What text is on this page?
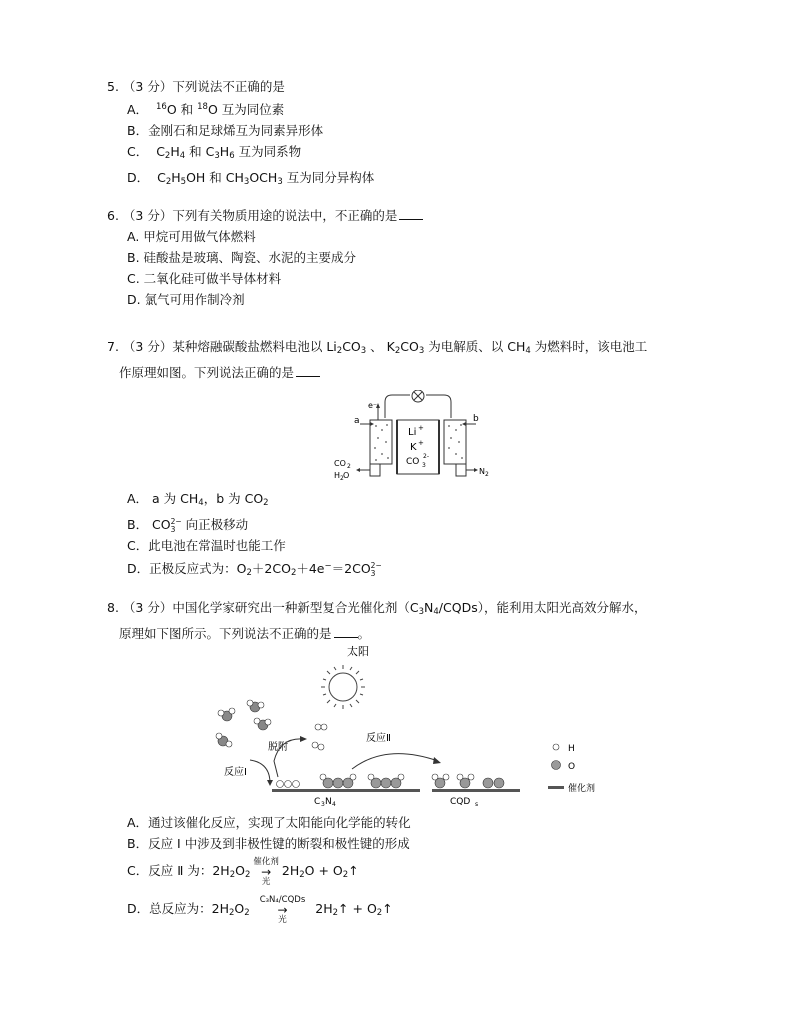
5. （3 分）下列说法不正确的是
A． $^{16}$O 和 $^{18}$O 互为同位素
B．金刚石和足球烯互为同素异形体
C． $C_2H_4$ 和 $C_3H_6$ 互为同系物
D． $C_2H_5OH$ 和 $CH_3OCH_3$ 互为同分异构体
6. （3 分）下列有关物质用途的说法中，不正确的是
A. 甲烷可用做气体燃料
B. 硅酸盐是玻璃、陶瓷、水泥的主要成分
C. 二氧化硅可做半导体材料
D. 氯气可用作制冷剂
7. （3 分）某种熔融碳酸盐燃料电池以 $Li_2CO_3$ 、 $K_2CO_3$ 为电解质、以 $CH_4$ 为燃料时，该电池工
作原理如图。下列说法正确的是
e⁻
Li +
K +
CO
2-
3
a	b
CO 2
H 2 O	N 2
A． a 为 $CH_4$，b 为 $CO_2$
B． CO 2−
3 向正极移动
C．此电池在常温时也能工作
D．正极反应式为：$O_2+2CO_2+4e^-=2CO$ 2−
3
8. （3 分）中国化学家研究出一种新型复合光催化剂$(C_3N_4/CQDs)$，能利用太阳光高效分解水，
原理如下图所示。下列说法不正确的是 。
太阳
脱附
反应Ⅰ
C 3 N 4
反应Ⅱ
CQD s
H
O
催化剂
A．通过该催化反应，实现了太阳能向化学能的转化
B．反应 Ⅰ 中涉及到非极性键的断裂和极性键的形成
C．反应 Ⅱ 为：$2H_2O_2$
催化剂
→
光
$2H_2O$ + $O_2↑$
D．总反应为：$2H_2O_2$
C₃N₄/CQDs
→
光
$2H_2↑$ + $O_2↑$
